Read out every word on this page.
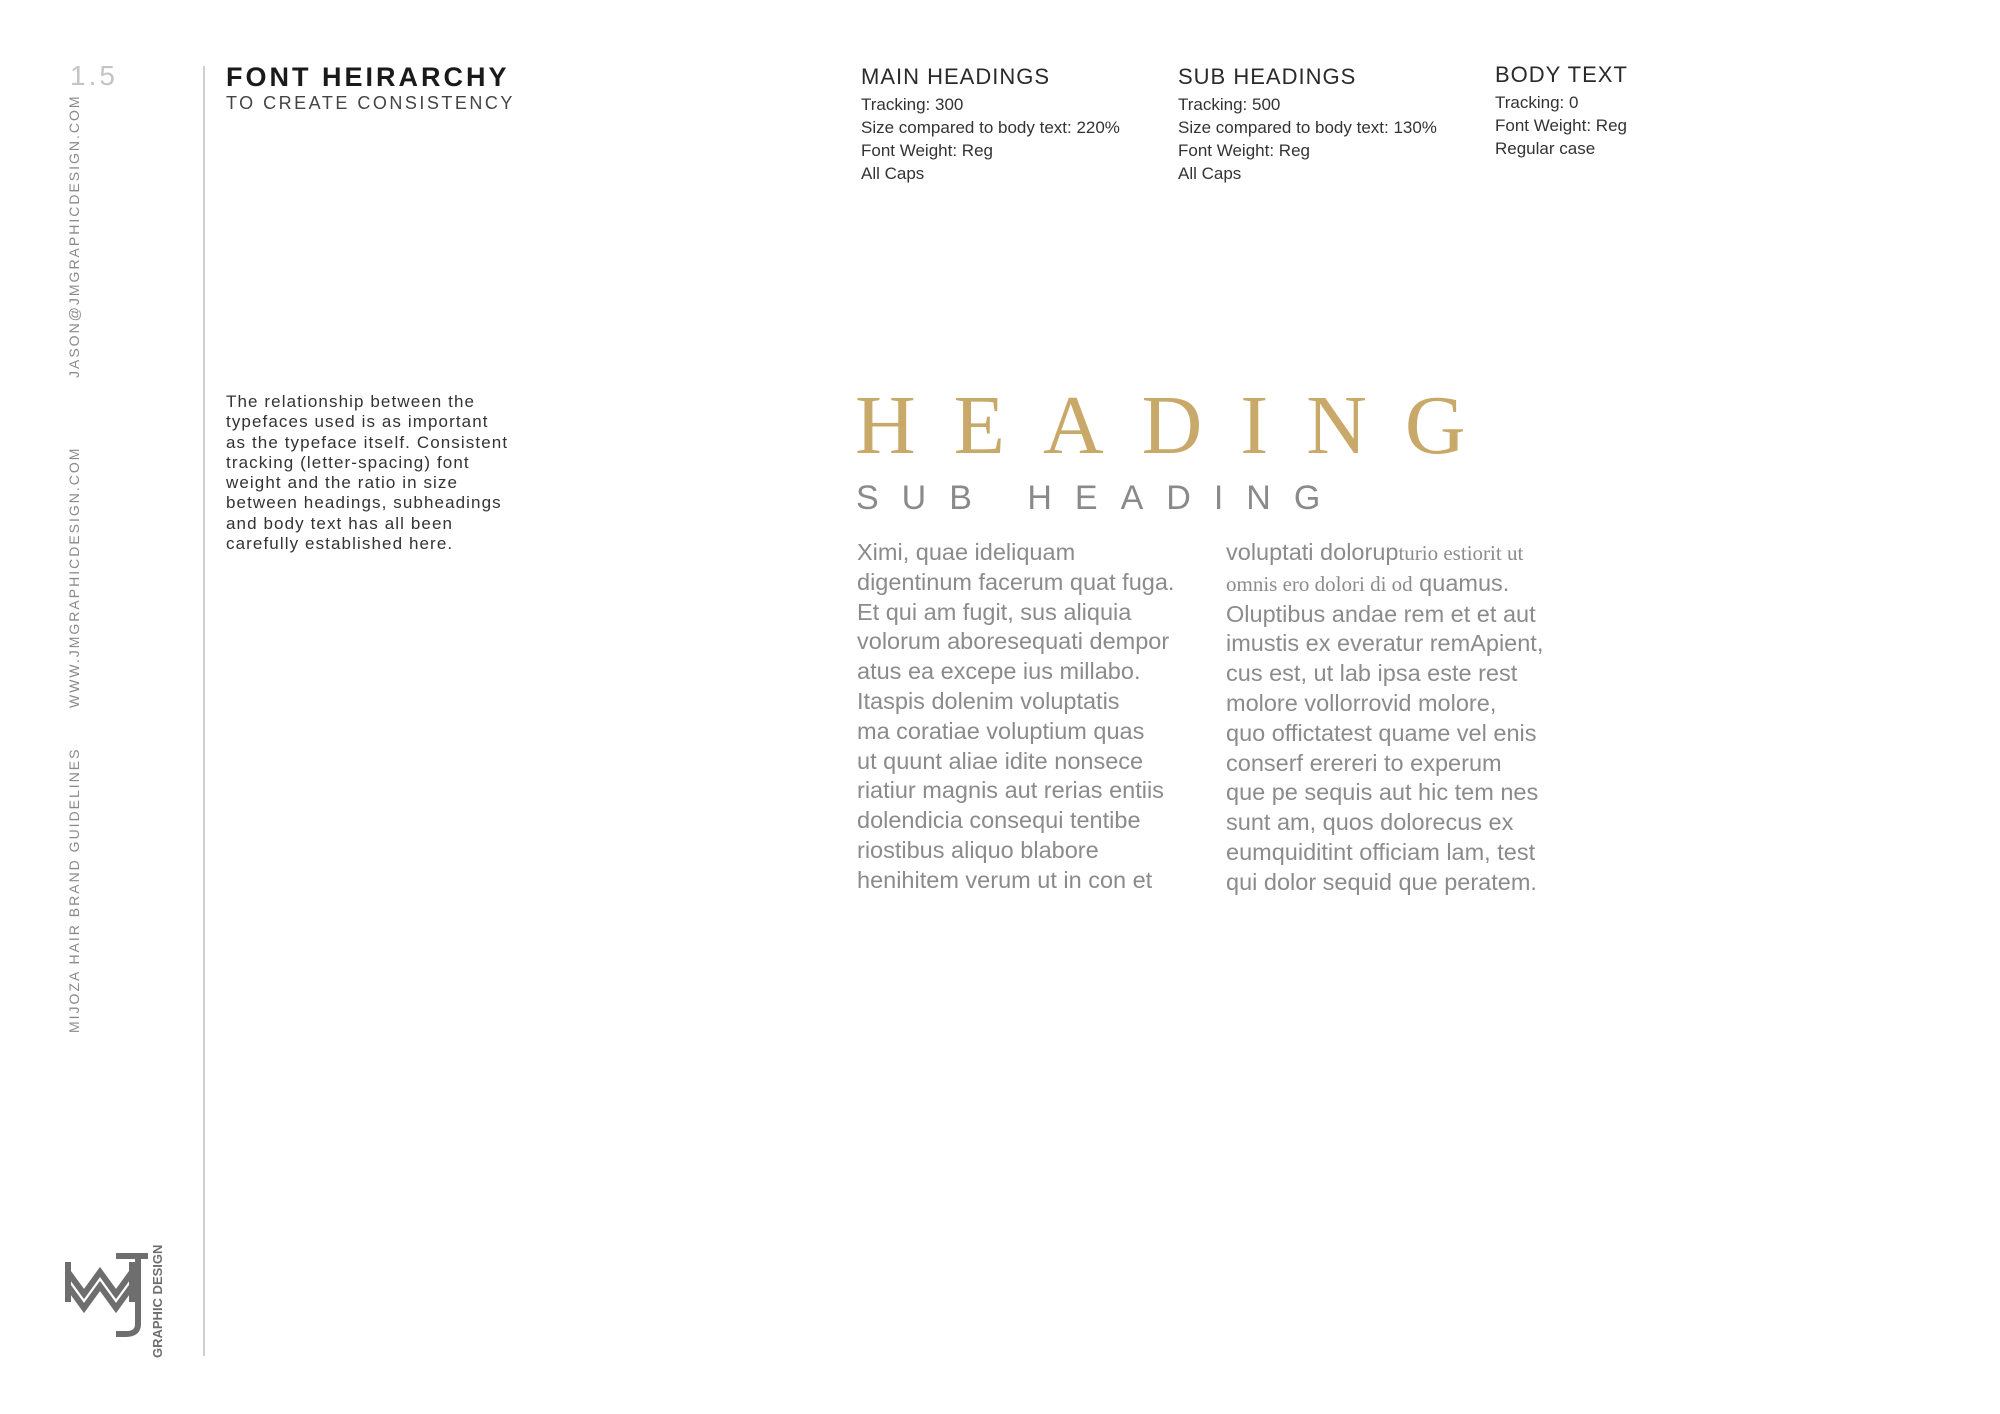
1.5
JASON@JMGRAPHICDESIGN.COM
WWW.JMGRAPHICDESIGN.COM
MIJOZA HAIR BRAND GUIDELINES
GRAPHIC DESIGN
FONT HEIRARCHY
TO CREATE CONSISTENCY
The relationship between the
typefaces used is as important
as the typeface itself. Consistent
tracking (letter-spacing) font
weight and the ratio in size
between headings, subheadings
and body text has all been
carefully established here.
MAIN HEADINGS
Tracking: 300
Size compared to body text: 220%
Font Weight: Reg
All Caps
SUB HEADINGS
Tracking: 500
Size compared to body text: 130%
Font Weight: Reg
All Caps
BODY TEXT
Tracking: 0
Font Weight: Reg
Regular case
HEADING
SUB HEADING
Ximi, quae ideliquam
digentinum facerum quat fuga.
Et qui am fugit, sus aliquia
volorum aboresequati dempor
atus ea excepe ius millabo.
Itaspis dolenim voluptatis
ma coratiae voluptium quas
ut quunt aliae idite nonsece
riatiur magnis aut rerias entiis
dolendicia consequi tentibe
riostibus aliquo blabore
henihitem verum ut in con et
voluptati dolorupturio estiorit ut
omnis ero dolori di od quamus.
Oluptibus andae rem et et aut
imustis ex everatur remApient,
cus est, ut lab ipsa este rest
molore vollorrovid molore,
quo offictatest quame vel enis
conserf erereri to experum
que pe sequis aut hic tem nes
sunt am, quos dolorecus ex
eumquiditint officiam lam, test
qui dolor sequid que peratem.
